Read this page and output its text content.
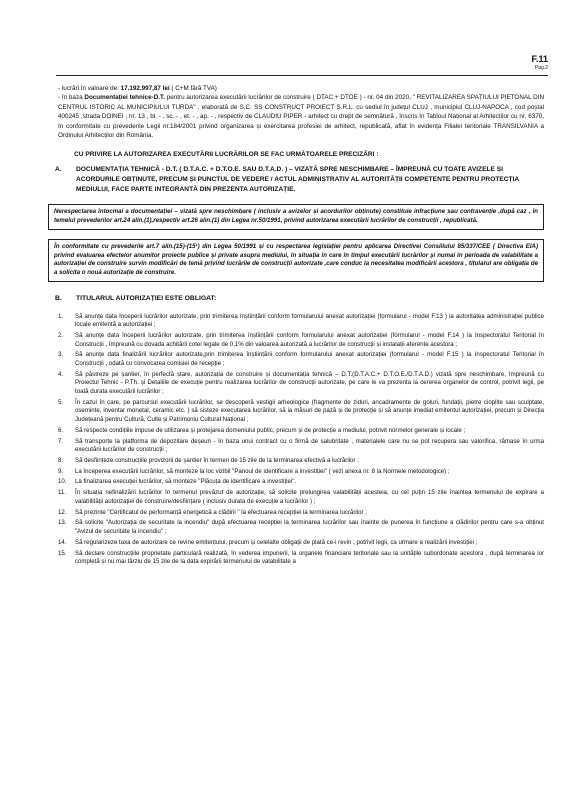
F.11
Pag.2

- lucrări în valoare de: 17.192.997,87 lei ( C+M fără TVA)

- în baza Documentației tehnice-D.T. pentru autorizarea executării lucrărilor de construire ( DTAC + DTOE ) - nr. 04 din 2020, " REVITALIZAREA SPAȚIULUI PIETONAL DIN CENTRUL ISTORIC AL MUNICIPIULUI TURDA" , elaborată de S.C. SS CONSTRUCT PROIECT S.R.L. cu sediul în județul CLUJ , municipiul CLUJ-NAPOCA , cod poștal 400245 ,strada DOINEI , nr. 13 , bl. - , sc. - , et. - , ap. - , respectiv de CLAUDIU PIPER - arhitect cu drept de semnătură , înscris în Tabloul Național al Arhitecților cu nr. 6370, în conformitate cu prevederile Legii nr.184/2001 privind organizarea și exercitarea profesiei de arhitect, republicată, aflat în evidența Filialei teritoriale TRANSILVANIA a Ordinului Arhitecților din România.

CU PRIVIRE LA AUTORIZAREA EXECUTĂRII LUCRĂRILOR SE FAC URMĂTOARELE PRECIZĂRI :
A.	DOCUMENTAȚIA TEHNICĂ - D.T. ( D.T.A.C. + D.T.O.E. SAU D.T.A.D. ) – VIZATĂ SPRE NESCHIMBARE – ÎMPREUNĂ CU TOATE AVIZELE ȘI ACORDURILE OBȚINUTE, PRECUM ȘI PUNCTUL DE VEDERE / ACTUL ADMINISTRATIV AL AUTORITĂȚII COMPETENTE PENTRU PROTECȚIA MEDIULUI, FACE PARTE INTEGRANTĂ DIN PREZENTA AUTORIZAȚIE.
Nerespectarea întocmai a documentației – vizată spre neschimbare ( inclusiv a avizelor și acordurilor obținute) constituie infracțiune sau contravenție ,după caz , în temeiul prevederilor art.24 alin.(1),respectiv art.26 alin.(1) din Legea nr.50/1991, privind autorizarea executării lucrărilor de construcții , republicată.
În conformitate cu prevederile art.7 alin.(15)-(15¹) din Legea 50/1991 și cu respectarea legislației pentru aplicarea Directivei Consiliului 85/337/CEE ( Directiva EIA) privind evaluarea efectelor anumitor proiecte publice și private asupra mediului, în situația în care în timpul executării lucrărilor și numai în perioada de valabilitate a autorizației de construire survin modificări de temă privind lucrările de construcții autorizate ,care conduc la necesitatea modificării acestora , titularul are obligația de a solicita o nouă autorizație de construire.
B.	TITULARUL AUTORIZAȚIEI ESTE OBLIGAT:
1.	Să anunțe data începerii lucrărilor autorizate, prin trimiterea înștiințării conform formularului anexat autorizației (formularul - model F.13 ) la autoritatea administrației publice locale emitentă a autorizației ;
2.	Să anunțe data începerii lucrărilor autorizate, prin trimiterea înștiințării conform formularului anexat autorizației (formularul - model F.14 ) la Inspectoratul Teritorial în Construcții , împreună cu dovada achitării cotei legale de 0,1% din valoarea autorizată a lucrărilor de construcții și instalații aferente acestora ;
3.	Să anunțe data finalizării lucrărilor autorizate,prin trimiterea înștiințării conform formularului anexat autorizației (formularul - model F.15 ) la Inspectoratul Teritorial în Construcții , odată cu convocarea comisiei de recepție ;
4.	Să păstreze pe șantier, în perfectă stare, autorizația de construire și documentația tehnică – D.T.(D.T.A.C.+ D.T.O.E./D.T.A.D.) vizată spre neschimbare, împreună cu Proiectul Tehnic - P.Th. și Detaliile de execuție pentru realizarea lucrărilor de construcții autorizate, pe care le va prezenta la cererea organelor de control, potrivit legii, pe toată durata executării lucrărilor ;
5.	În cazul în care, pe parcursul executării lucrărilor, se descoperă vestigii arheologice (fragmente de ziduri, ancadramente de goluri, fundații, pietre cioplite sau sculptate, oseminte, inventar monetar, ceramic etc. ) să sisteze executarea lucrărilor, să ia măsuri de pază și de protecție și să anunțe imediat emitentul autorizației, precum și Direcția Județeană pentru Cultură, Culte și Patrimoniu Cultural Național ;
6.	Să respecte condițiile impuse de utilizarea și protejarea domeniului public, precum și de protecție a mediului, potrivit normelor generale și locale ;
7.	Să transporte la platforma de depozitare deșeuri - în baza unui contract cu o firmă de salubritate , materialele care nu se pot recupera sau valorifica, rămase în urma executării lucrărilor de construcții ;
8.	Să desființeze construcțiile provizorii de șantier în termen de 15 zile de la terminarea efectivă a lucrărilor ;
9.	La începerea executării lucrărilor, să monteze la loc vizibil "Panoul de identificare a investiției" ( vezi anexa nr. 8 la Normele metodologice) ;
10.	La finalizarea execuției lucrărilor, să monteze "Plăcuța de identificare a investiției".
11.	În situația nefinalizării lucrărilor în termenul prevăzut de autorizație, să solicite prelungirea valabilității acesteia, cu cel puțin 15 zile înaintea termenului de expirare a valabilității autorizației de construire/desființare ( inclusiv durata de execuție a lucrărilor ) ;
12.	Să prezinte "Certificatul de performanță energetică a clădirii " la efectuarea recepției la terminarea lucrărilor ;
13.	Să solicite "Autorizația de securitate la incendiu" după efectuarea recepției la terminarea lucrărilor sau înainte de punerea în funcțiune a clădirilor pentru care s-a obținut "Avizul de securitate la incendiu" ;
14.	Să regularizeze taxa de autorizare ce revine emitentului, precum și celelalte obligații de plată ce-i revin , potrivit legii, ca urmare a realizării investiției ;
15.	Să declare construcțiile proprietate particulară realizată, în vederea impunerii, la organele financiare teritoriale sau la unitățile subordonate acestora , după terminarea lor completă și nu mai târziu de 15 zile de la data expirării termenului de valabilitate a
